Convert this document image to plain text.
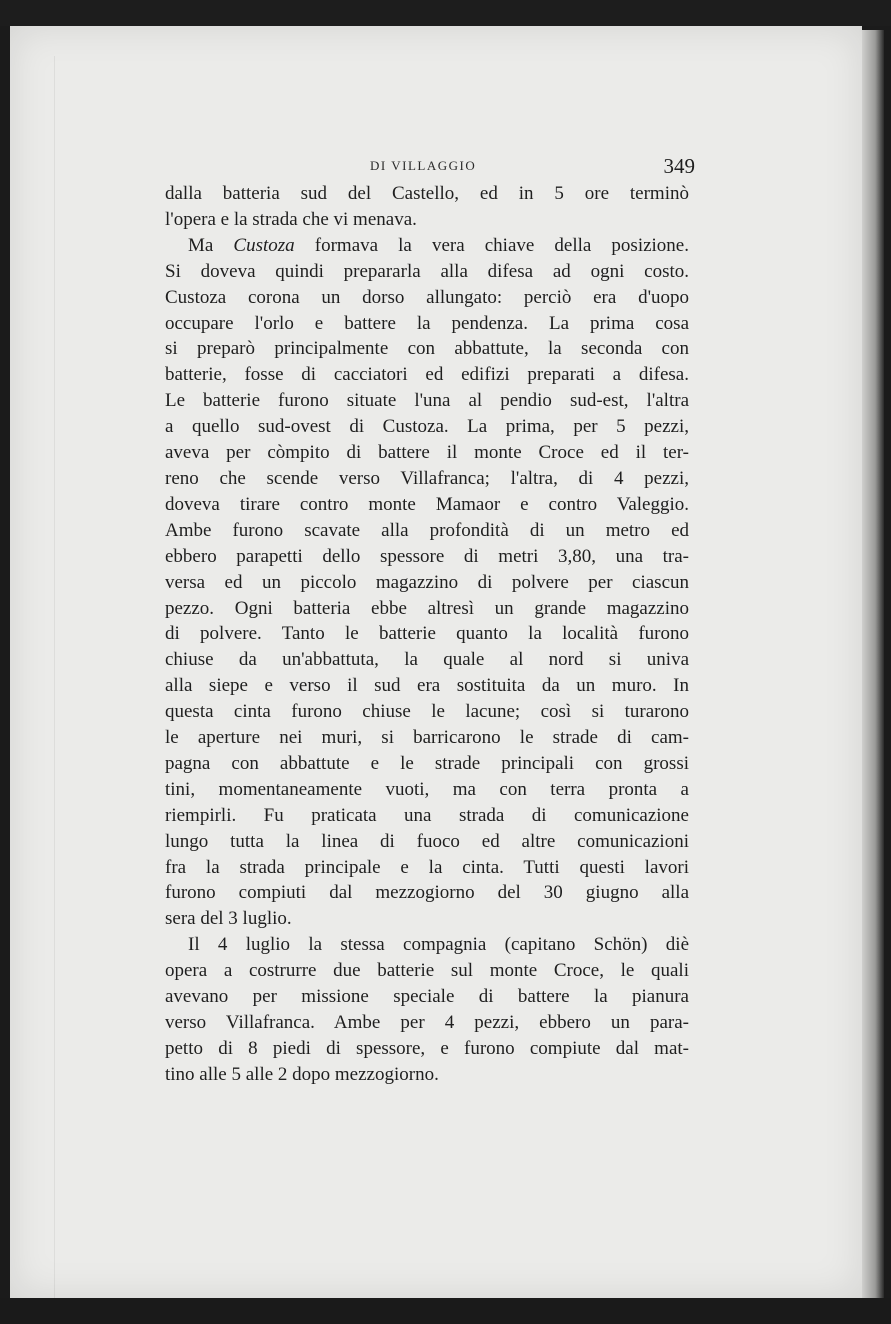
DI VILLAGGIO	349

dalla batteria sud del Castello, ed in 5 ore terminò
l'opera e la strada che vi menava.

Ma Custoza formava la vera chiave della posizione.
Si doveva quindi prepararla alla difesa ad ogni costo.
Custoza corona un dorso allungato: perciò era d'uopo
occupare l'orlo e battere la pendenza. La prima cosa
si preparò principalmente con abbattute, la seconda con
batterie, fosse di cacciatori ed edifizi preparati a difesa.
Le batterie furono situate l'una al pendio sud-est, l'altra
a quello sud-ovest di Custoza. La prima, per 5 pezzi,
aveva per còmpito di battere il monte Croce ed il ter-
reno che scende verso Villafranca; l'altra, di 4 pezzi,
doveva tirare contro monte Mamaor e contro Valeggio.
Ambe furono scavate alla profondità di un metro ed
ebbero parapetti dello spessore di metri 3,80, una tra-
versa ed un piccolo magazzino di polvere per ciascun
pezzo. Ogni batteria ebbe altresì un grande magazzino
di polvere. Tanto le batterie quanto la località furono
chiuse da un'abbattuta, la quale al nord si univa
alla siepe e verso il sud era sostituita da un muro. In
questa cinta furono chiuse le lacune; così si turarono
le aperture nei muri, si barricarono le strade di cam-
pagna con abbattute e le strade principali con grossi
tini, momentaneamente vuoti, ma con terra pronta a
riempirli. Fu praticata una strada di comunicazione
lungo tutta la linea di fuoco ed altre comunicazioni
fra la strada principale e la cinta. Tutti questi lavori
furono compiuti dal mezzogiorno del 30 giugno alla
sera del 3 luglio.

Il 4 luglio la stessa compagnia (capitano Schön) diè
opera a costrurre due batterie sul monte Croce, le quali
avevano per missione speciale di battere la pianura
verso Villafranca. Ambe per 4 pezzi, ebbero un para-
petto di 8 piedi di spessore, e furono compiute dal mat-
tino alle 5 alle 2 dopo mezzogiorno.
